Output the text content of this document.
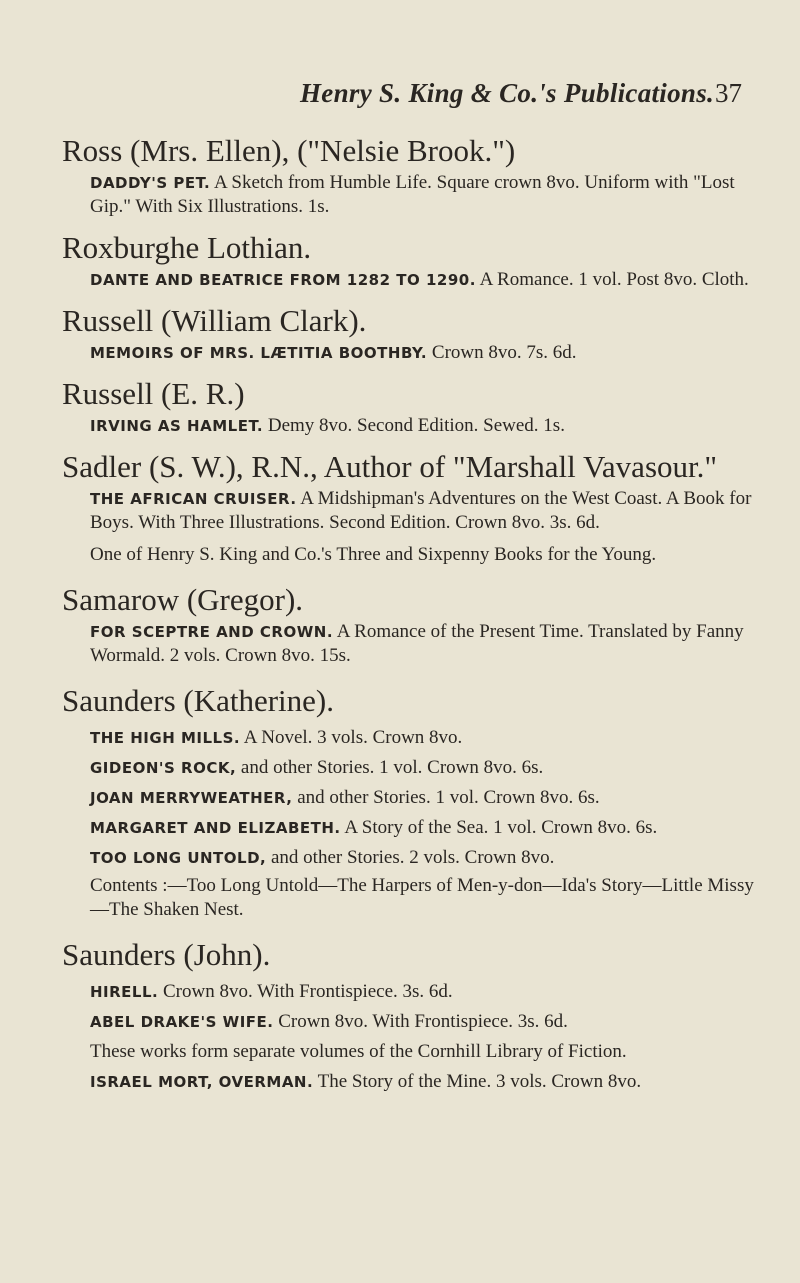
Henry S. King & Co.'s Publications. 37
Ross (Mrs. Ellen), ("Nelsie Brook.")
DADDY'S PET. A Sketch from Humble Life. Square crown 8vo. Uniform with "Lost Gip." With Six Illustrations. 1s.
Roxburghe Lothian.
DANTE AND BEATRICE FROM 1282 TO 1290. A Romance. 1 vol. Post 8vo. Cloth.
Russell (William Clark).
MEMOIRS OF MRS. LÆTITIA BOOTHBY. Crown 8vo. 7s. 6d.
Russell (E. R.)
IRVING AS HAMLET. Demy 8vo. Second Edition. Sewed. 1s.
Sadler (S. W.), R.N., Author of "Marshall Vavasour."
THE AFRICAN CRUISER. A Midshipman's Adventures on the West Coast. A Book for Boys. With Three Illustrations. Second Edition. Crown 8vo. 3s. 6d.
One of Henry S. King and Co.'s Three and Sixpenny Books for the Young.
Samarow (Gregor).
FOR SCEPTRE AND CROWN. A Romance of the Present Time. Translated by Fanny Wormald. 2 vols. Crown 8vo. 15s.
Saunders (Katherine).
THE HIGH MILLS. A Novel. 3 vols. Crown 8vo.
GIDEON'S ROCK, and other Stories. 1 vol. Crown 8vo. 6s.
JOAN MERRYWEATHER, and other Stories. 1 vol. Crown 8vo. 6s.
MARGARET AND ELIZABETH. A Story of the Sea. 1 vol. Crown 8vo. 6s.
TOO LONG UNTOLD, and other Stories. 2 vols. Crown 8vo.
Contents :—Too Long Untold—The Harpers of Men-y-don—Ida's Story—Little Missy—The Shaken Nest.
Saunders (John).
HIRELL. Crown 8vo. With Frontispiece. 3s. 6d.
ABEL DRAKE'S WIFE. Crown 8vo. With Frontispiece. 3s. 6d.
These works form separate volumes of the Cornhill Library of Fiction.
ISRAEL MORT, OVERMAN. The Story of the Mine. 3 vols. Crown 8vo.
